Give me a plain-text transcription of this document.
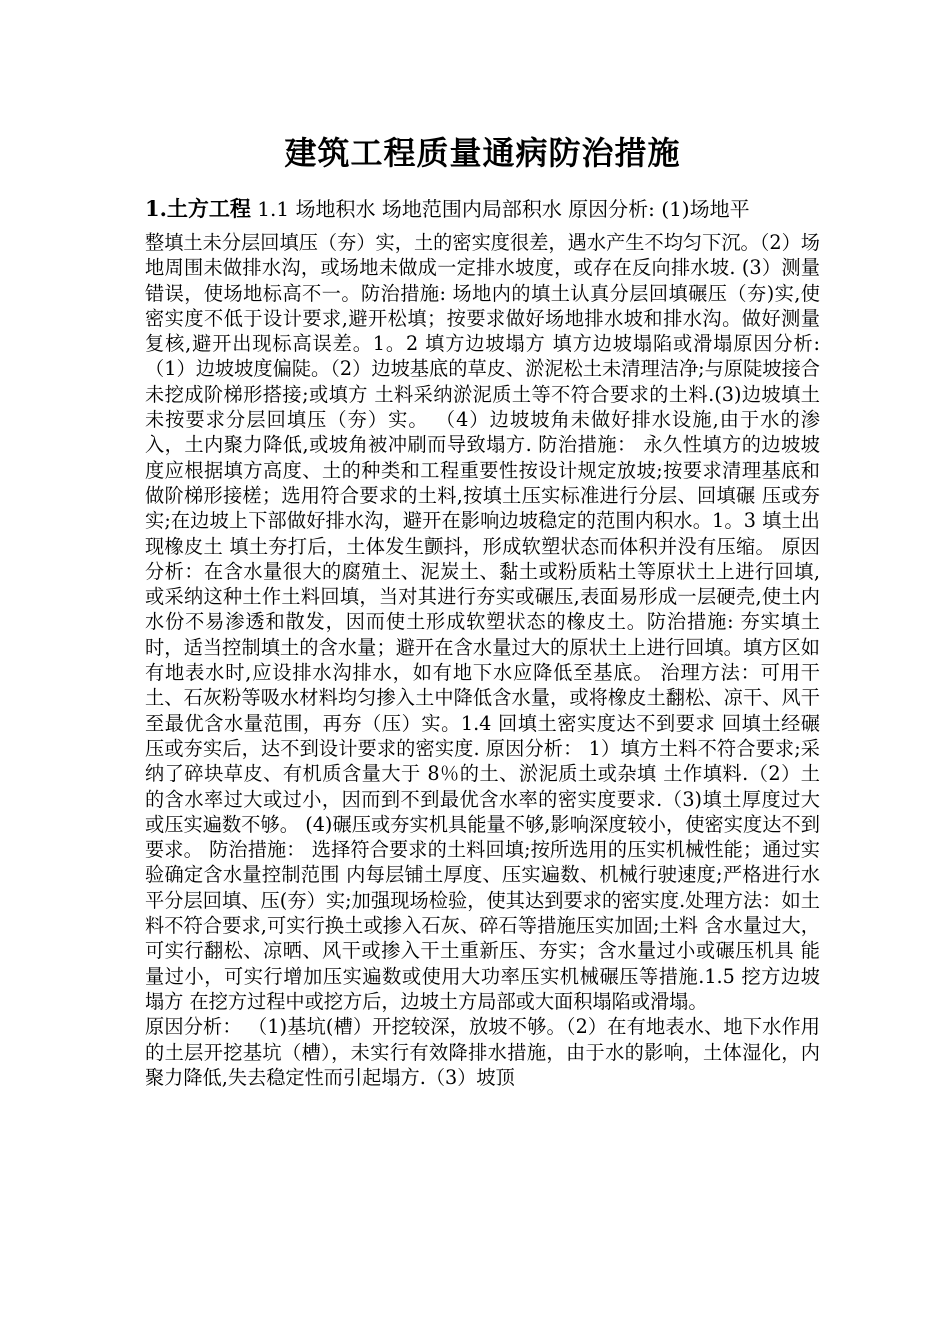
建筑工程质量通病防治措施

1.土方工程 1.1 场地积水 场地范围内局部积水 原因分析: (1)场地平

整填土未分层回填压（夯）实，土的密实度很差，遇水产生不均匀下沉。（2）场地周围未做排水沟，或场地未做成一定排水坡度，或存在反向排水坡. (3）测量错误，使场地标高不一。防治措施: 场地内的填土认真分层回填碾压（夯)实,使密实度不低于设计要求,避开松填；按要求做好场地排水坡和排水沟。做好测量复核,避开出现标高误差。1。2 填方边坡塌方 填方边坡塌陷或滑塌原因分析: （1）边坡坡度偏陡。（2）边坡基底的草皮、淤泥松土未清理洁净;与原陡坡接合未挖成阶梯形搭接;或填方 土料采纳淤泥质土等不符合要求的土料.(3)边坡填土未按要求分层回填压（夯）实。 （4）边坡坡角未做好排水设施,由于水的渗入，土内聚力降低,或坡角被冲刷而导致塌方. 防治措施： 永久性填方的边坡坡度应根据填方高度、土的种类和工程重要性按设计规定放坡;按要求清理基底和做阶梯形接槎；选用符合要求的土料,按填土压实标准进行分层、回填碾 压或夯实;在边坡上下部做好排水沟，避开在影响边坡稳定的范围内积水。1。3 填土出现橡皮土 填土夯打后，土体发生颤抖，形成软塑状态而体积并没有压缩。 原因分析：在含水量很大的腐殖土、泥炭土、黏土或粉质粘土等原状土上进行回填,或采纳这种土作土料回填，当对其进行夯实或碾压,表面易形成一层硬壳,使土内水份不易渗透和散发，因而使土形成软塑状态的橡皮土。防治措施: 夯实填土时，适当控制填土的含水量；避开在含水量过大的原状土上进行回填。填方区如有地表水时,应设排水沟排水，如有地下水应降低至基底。 治理方法：可用干土、石灰粉等吸水材料均匀掺入土中降低含水量，或将橡皮土翻松、凉干、风干至最优含水量范围，再夯（压）实。1.4 回填土密实度达不到要求 回填土经碾压或夯实后，达不到设计要求的密实度. 原因分析： 1）填方土料不符合要求;采纳了碎块草皮、有机质含量大于 8％的土、淤泥质土或杂填 土作填料.（2）土的含水率过大或过小，因而到不到最优含水率的密实度要求.（3)填土厚度过大或压实遍数不够。 (4)碾压或夯实机具能量不够,影响深度较小，使密实度达不到要求。 防治措施： 选择符合要求的土料回填;按所选用的压实机械性能；通过实验确定含水量控制范围 内每层铺土厚度、压实遍数、机械行驶速度;严格进行水平分层回填、压(夯）实;加强现场检验，使其达到要求的密实度.处理方法：如土料不符合要求,可实行换土或掺入石灰、碎石等措施压实加固;土料 含水量过大，可实行翻松、凉晒、风干或掺入干土重新压、夯实；含水量过小或碾压机具 能量过小，可实行增加压实遍数或使用大功率压实机械碾压等措施.1.5 挖方边坡塌方 在挖方过程中或挖方后，边坡土方局部或大面积塌陷或滑塌。

原因分析： （1)基坑(槽）开挖较深，放坡不够。（2）在有地表水、地下水作用的土层开挖基坑（槽），未实行有效降排水措施，由于水的影响，土体湿化，内聚力降低,失去稳定性而引起塌方.（3）坡顶
